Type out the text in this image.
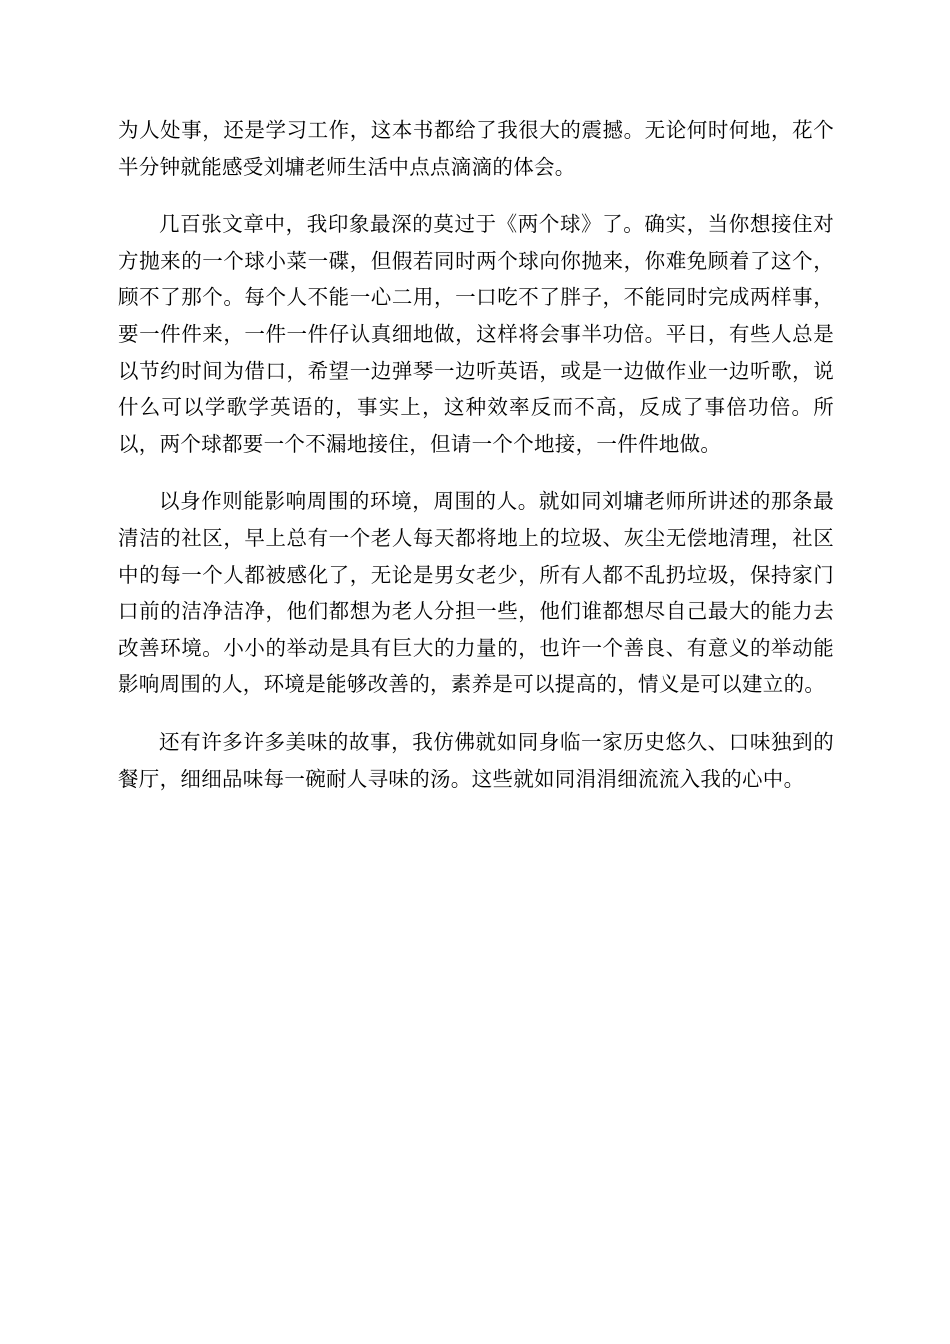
为人处事，还是学习工作，这本书都给了我很大的震撼。无论何时何地，花个半分钟就能感受刘墉老师生活中点点滴滴的体会。

几百张文章中，我印象最深的莫过于《两个球》了。确实，当你想接住对方抛来的一个球小菜一碟，但假若同时两个球向你抛来，你难免顾着了这个，顾不了那个。每个人不能一心二用，一口吃不了胖子，不能同时完成两样事，要一件件来，一件一件仔认真细地做，这样将会事半功倍。平日，有些人总是以节约时间为借口，希望一边弹琴一边听英语，或是一边做作业一边听歌，说什么可以学歌学英语的，事实上，这种效率反而不高，反成了事倍功倍。所以，两个球都要一个不漏地接住，但请一个个地接，一件件地做。

以身作则能影响周围的环境，周围的人。就如同刘墉老师所讲述的那条最清洁的社区，早上总有一个老人每天都将地上的垃圾、灰尘无偿地清理，社区中的每一个人都被感化了，无论是男女老少，所有人都不乱扔垃圾，保持家门口前的洁净洁净，他们都想为老人分担一些，他们谁都想尽自己最大的能力去改善环境。小小的举动是具有巨大的力量的，也许一个善良、有意义的举动能影响周围的人，环境是能够改善的，素养是可以提高的，情义是可以建立的。

还有许多许多美味的故事，我仿佛就如同身临一家历史悠久、口味独到的餐厅，细细品味每一碗耐人寻味的汤。这些就如同涓涓细流流入我的心中。
